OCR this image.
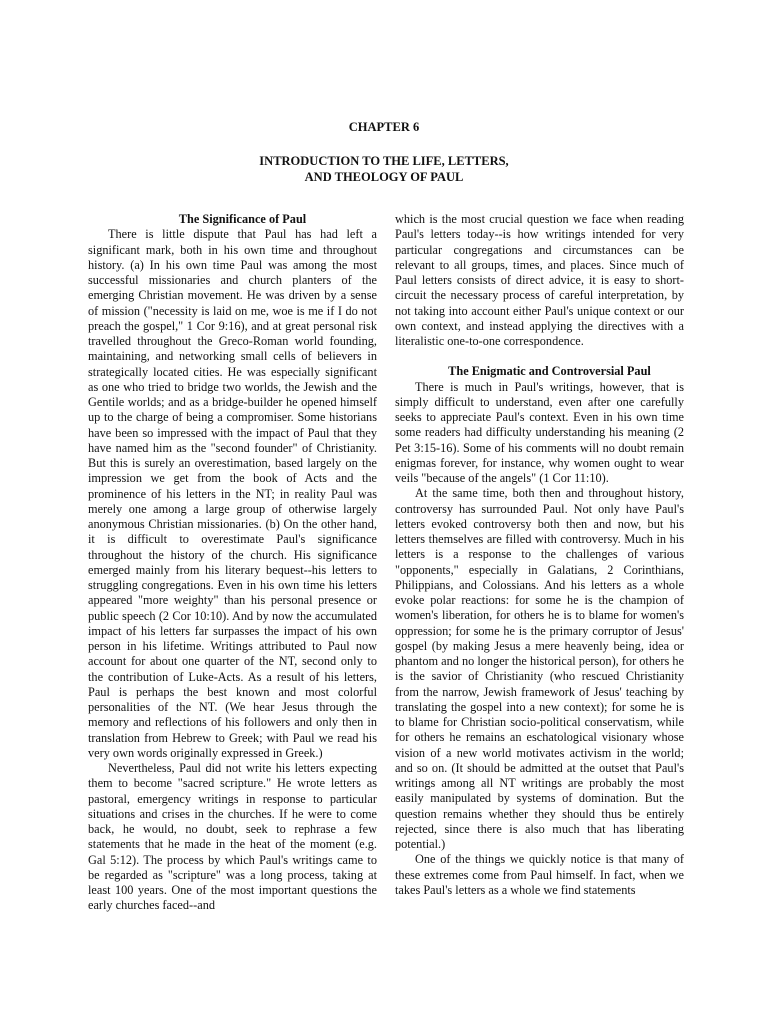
CHAPTER 6
INTRODUCTION TO THE LIFE, LETTERS,
AND THEOLOGY OF PAUL

The Significance of Paul

There is little dispute that Paul has had left a significant mark, both in his own time and throughout history. (a) In his own time Paul was among the most successful missionaries and church planters of the emerging Christian movement. He was driven by a sense of mission ("necessity is laid on me, woe is me if I do not preach the gospel," 1 Cor 9:16), and at great personal risk travelled throughout the Greco-Roman world founding, maintaining, and networking small cells of believers in strategically located cities. He was especially significant as one who tried to bridge two worlds, the Jewish and the Gentile worlds; and as a bridge-builder he opened himself up to the charge of being a compromiser. Some historians have been so impressed with the impact of Paul that they have named him as the "second founder" of Christianity. But this is surely an overestimation, based largely on the impression we get from the book of Acts and the prominence of his letters in the NT; in reality Paul was merely one among a large group of otherwise largely anonymous Christian missionaries. (b) On the other hand, it is difficult to overestimate Paul's significance throughout the history of the church. His significance emerged mainly from his literary bequest--his letters to struggling congregations. Even in his own time his letters appeared "more weighty" than his personal presence or public speech (2 Cor 10:10). And by now the accumulated impact of his letters far surpasses the impact of his own person in his lifetime. Writings attributed to Paul now account for about one quarter of the NT, second only to the contribution of Luke-Acts. As a result of his letters, Paul is perhaps the best known and most colorful personalities of the NT. (We hear Jesus through the memory and reflections of his followers and only then in translation from Hebrew to Greek; with Paul we read his very own words originally expressed in Greek.)

Nevertheless, Paul did not write his letters expecting them to become "sacred scripture." He wrote letters as pastoral, emergency writings in response to particular situations and crises in the churches. If he were to come back, he would, no doubt, seek to rephrase a few statements that he made in the heat of the moment (e.g. Gal 5:12). The process by which Paul's writings came to be regarded as "scripture" was a long process, taking at least 100 years. One of the most important questions the early churches faced--and

which is the most crucial question we face when reading Paul's letters today--is how writings intended for very particular congregations and circumstances can be relevant to all groups, times, and places. Since much of Paul letters consists of direct advice, it is easy to short-circuit the necessary process of careful interpretation, by not taking into account either Paul's unique context or our own context, and instead applying the directives with a literalistic one-to-one correspondence.

The Enigmatic and Controversial Paul

There is much in Paul's writings, however, that is simply difficult to understand, even after one carefully seeks to appreciate Paul's context. Even in his own time some readers had difficulty understanding his meaning (2 Pet 3:15-16). Some of his comments will no doubt remain enigmas forever, for instance, why women ought to wear veils "because of the angels" (1 Cor 11:10).

At the same time, both then and throughout history, controversy has surrounded Paul. Not only have Paul's letters evoked controversy both then and now, but his letters themselves are filled with controversy. Much in his letters is a response to the challenges of various "opponents," especially in Galatians, 2 Corinthians, Philippians, and Colossians. And his letters as a whole evoke polar reactions: for some he is the champion of women's liberation, for others he is to blame for women's oppression; for some he is the primary corruptor of Jesus' gospel (by making Jesus a mere heavenly being, idea or phantom and no longer the historical person), for others he is the savior of Christianity (who rescued Christianity from the narrow, Jewish framework of Jesus' teaching by translating the gospel into a new context); for some he is to blame for Christian socio-political conservatism, while for others he remains an eschatological visionary whose vision of a new world motivates activism in the world; and so on. (It should be admitted at the outset that Paul's writings among all NT writings are probably the most easily manipulated by systems of domination. But the question remains whether they should thus be entirely rejected, since there is also much that has liberating potential.)

One of the things we quickly notice is that many of these extremes come from Paul himself. In fact, when we takes Paul's letters as a whole we find statements
